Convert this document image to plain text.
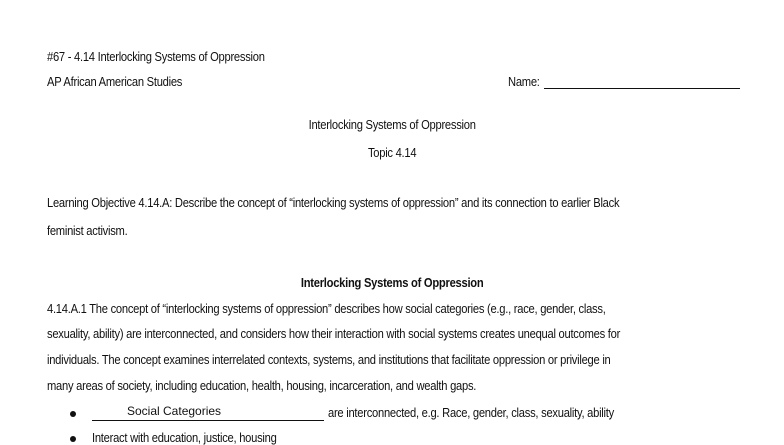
#67 - 4.14 Interlocking Systems of Oppression
AP African American Studies	Name:
Interlocking Systems of Oppression
Topic 4.14
Learning Objective 4.14.A: Describe the concept of “interlocking systems of oppression” and its connection to earlier Black
feminist activism.
Interlocking Systems of Oppression
4.14.A.1 The concept of “interlocking systems of oppression” describes how social categories (e.g., race, gender, class,
sexuality, ability) are interconnected, and considers how their interaction with social systems creates unequal outcomes for
individuals. The concept examines interrelated contexts, systems, and institutions that facilitate oppression or privilege in
many areas of society, including education, health, housing, incarceration, and wealth gaps.
Social Categories	are interconnected, e.g. Race, gender, class, sexuality, ability
Interact with education, justice, housing
